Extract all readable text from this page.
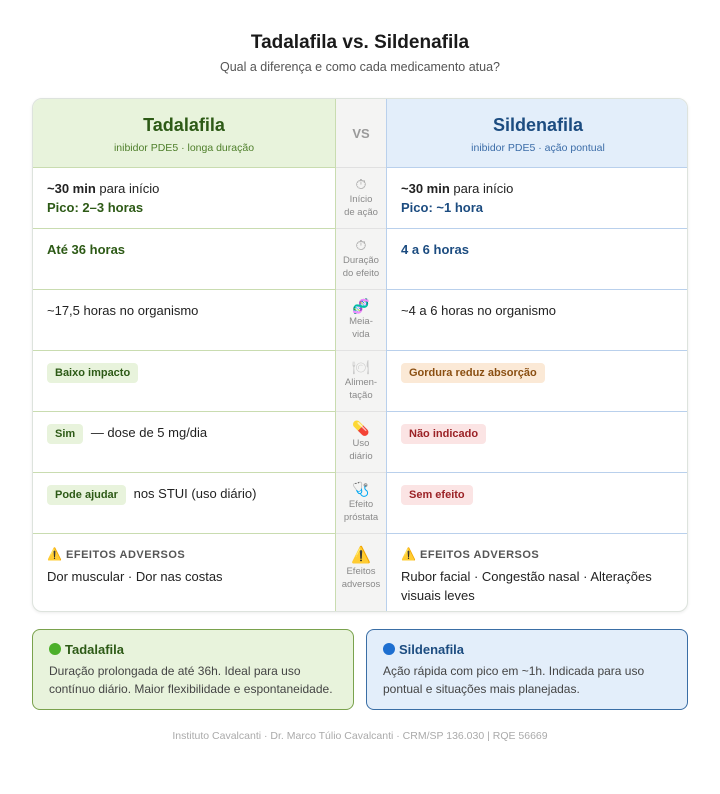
Tadalafila vs. Sildenafila
Qual a diferença e como cada medicamento atua?
Tadalafila
inibidor PDE5 · longa duração
~30 min para início
Pico: 2–3 horas
Até 36 horas
~17,5 horas no organismo
Baixo impacto
Sim — dose de 5 mg/dia
Pode ajudar nos STUI (uso diário)
⚠️ EFEITOS ADVERSOS
Dor muscular · Dor nas costas
VS
⏱
Início
de ação
⏱
Duração
do efeito
🧬
Meia-
vida
🍽
Alimen-
tação
💊
Uso
diário
🩺
Efeito
próstata
⚠️
Efeitos
adversos
Sildenafila
inibidor PDE5 · ação pontual
~30 min para início
Pico: ~1 hora
4 a 6 horas
~4 a 6 horas no organismo
Gordura reduz absorção
Não indicado
Sem efeito
⚠️ EFEITOS ADVERSOS
Rubor facial · Congestão nasal · Alterações visuais leves
Tadalafila
Duração prolongada de até 36h. Ideal para uso contínuo diário. Maior flexibilidade e espontaneidade.
Sildenafila
Ação rápida com pico em ~1h. Indicada para uso pontual e situações mais planejadas.
Instituto Cavalcanti · Dr. Marco Túlio Cavalcanti · CRM/SP 136.030 | RQE 56669
